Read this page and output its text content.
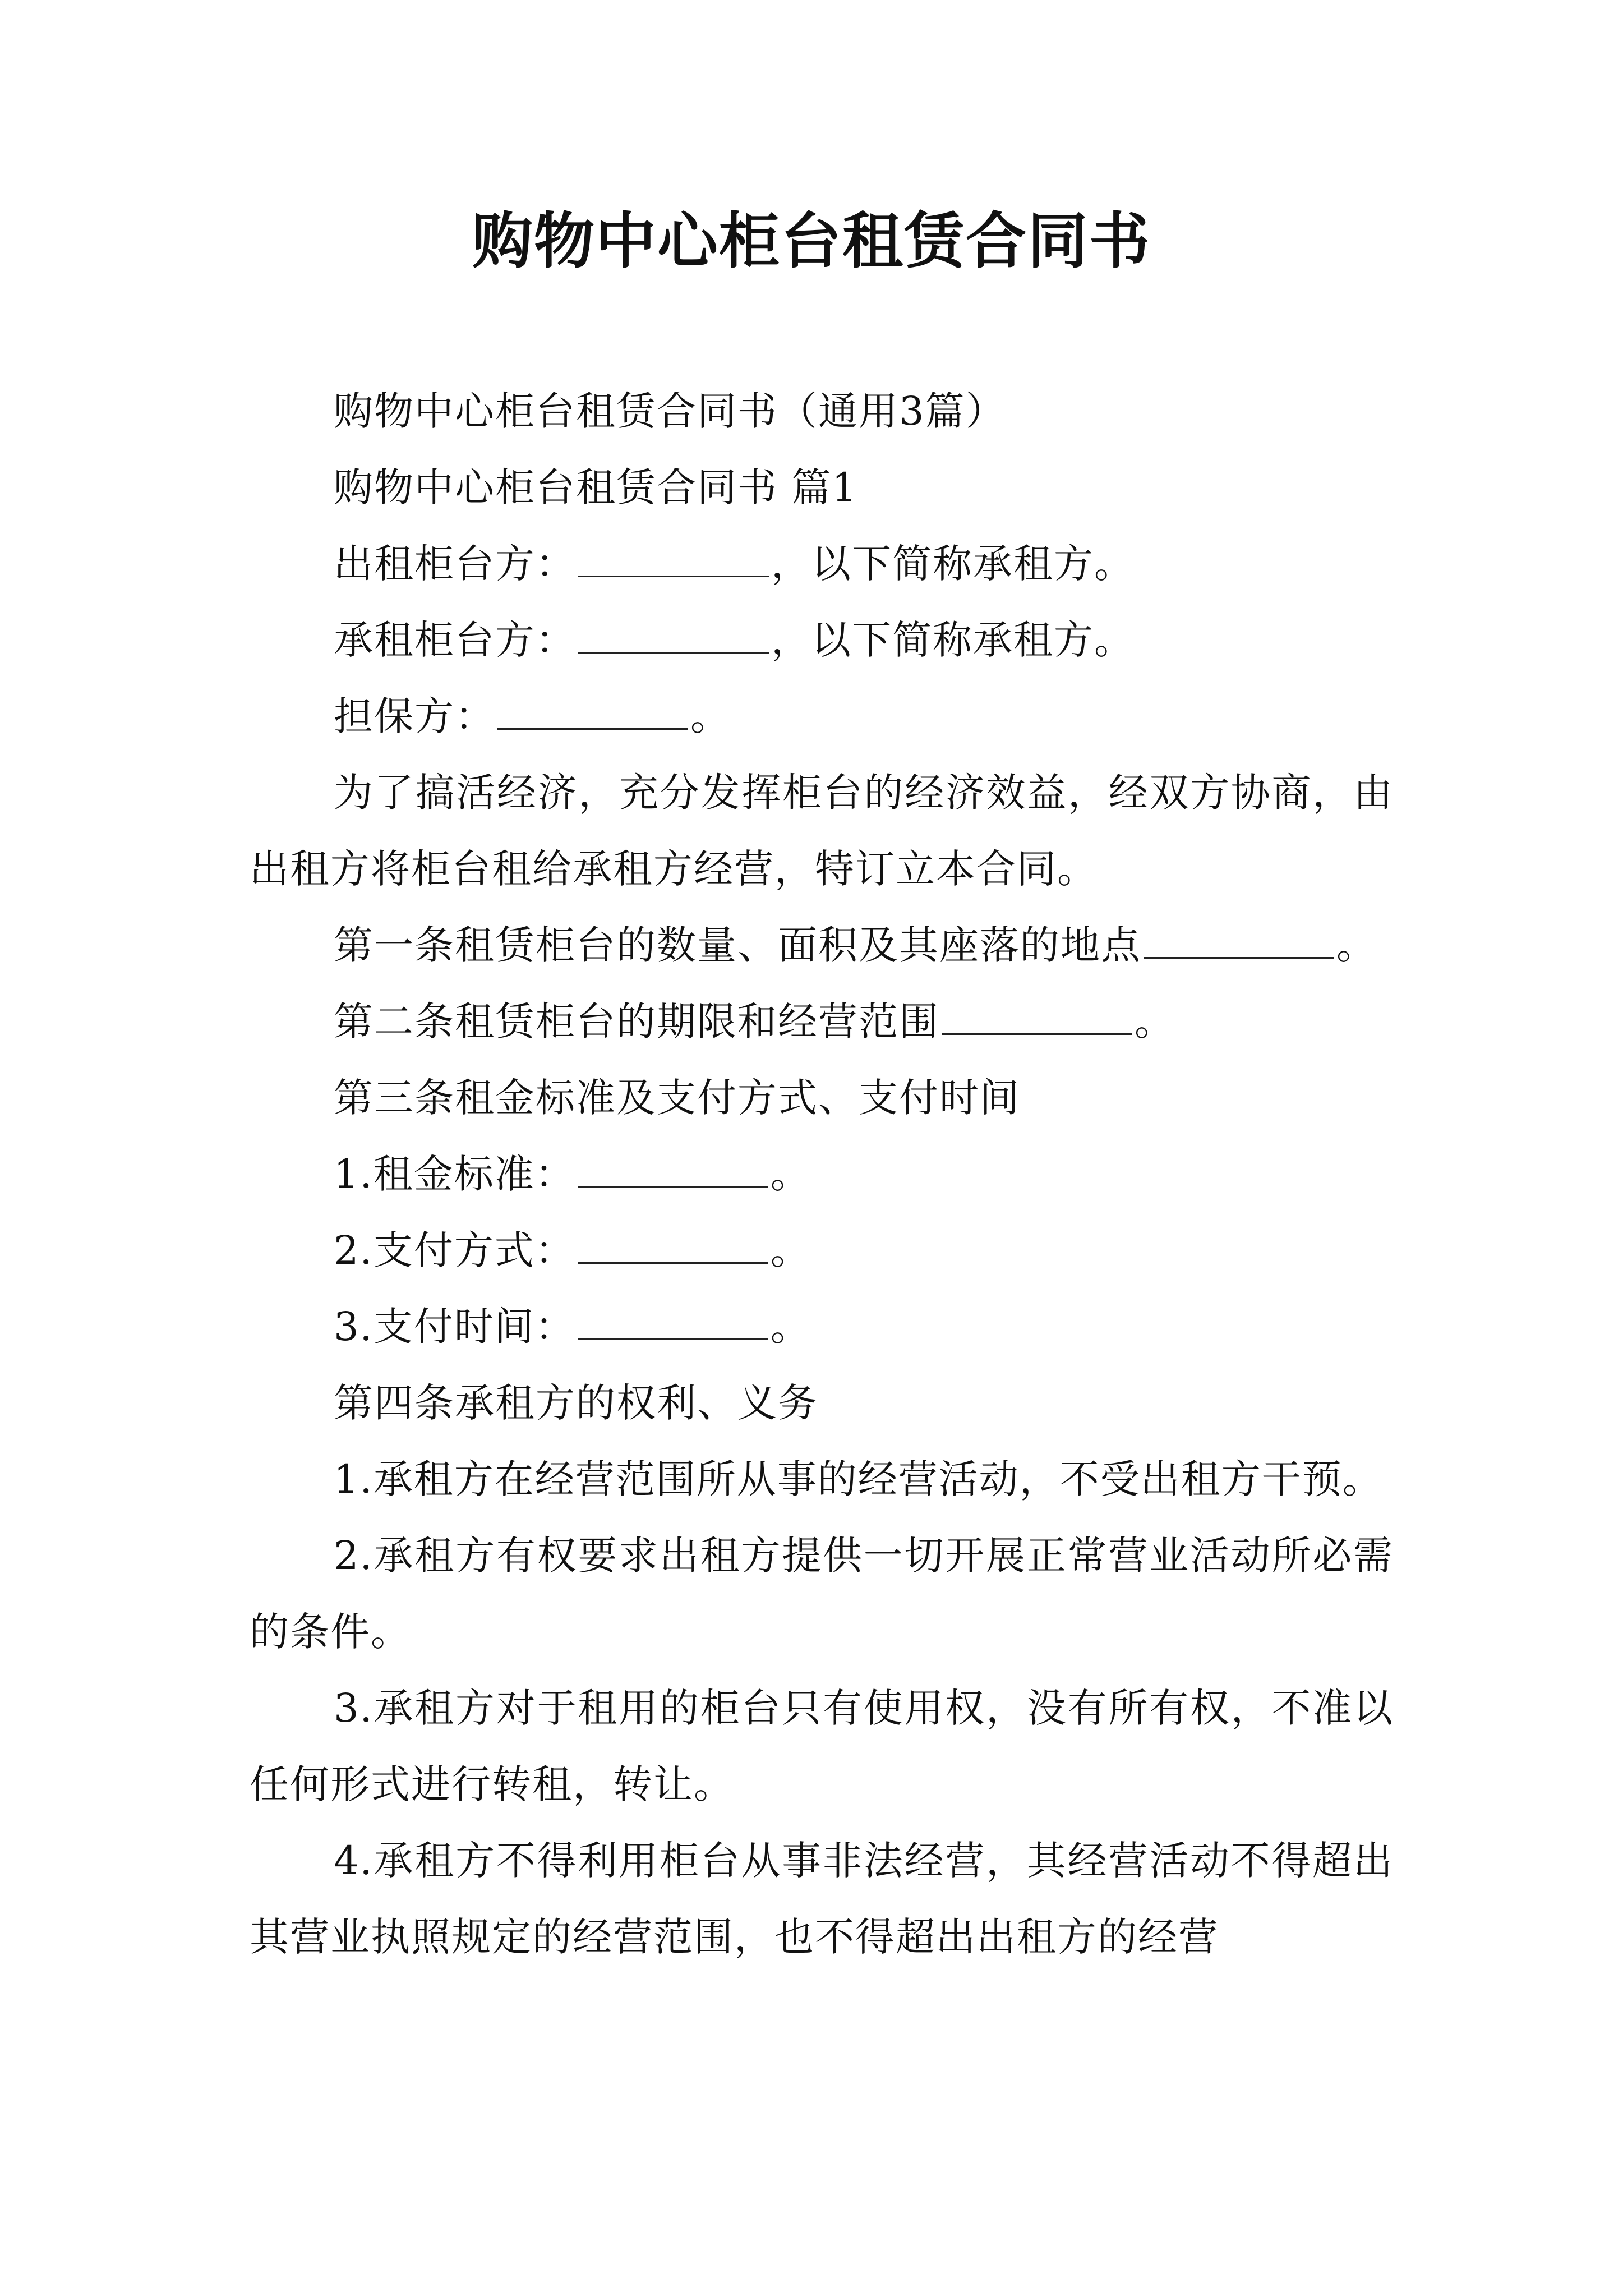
购物中心柜台租赁合同书

购物中心柜台租赁合同书（通用3篇）

购物中心柜台租赁合同书 篇1

出租柜台方：	，以下简称承租方。

承租柜台方：	，以下简称承租方。

担保方：	。

为了搞活经济，充分发挥柜台的经济效益，经双方协商，由出租方将柜台租给承租方经营，特订立本合同。

第一条租赁柜台的数量、面积及其座落的地点	。

第二条租赁柜台的期限和经营范围	。

第三条租金标准及支付方式、支付时间

1.租金标准：	。

2.支付方式：	。

3.支付时间：	。

第四条承租方的权利、义务

1.承租方在经营范围所从事的经营活动，不受出租方干预。

2.承租方有权要求出租方提供一切开展正常营业活动所必需的条件。

3.承租方对于租用的柜台只有使用权，没有所有权，不准以任何形式进行转租，转让。

4.承租方不得利用柜台从事非法经营，其经营活动不得超出其营业执照规定的经营范围，也不得超出出租方的经营
